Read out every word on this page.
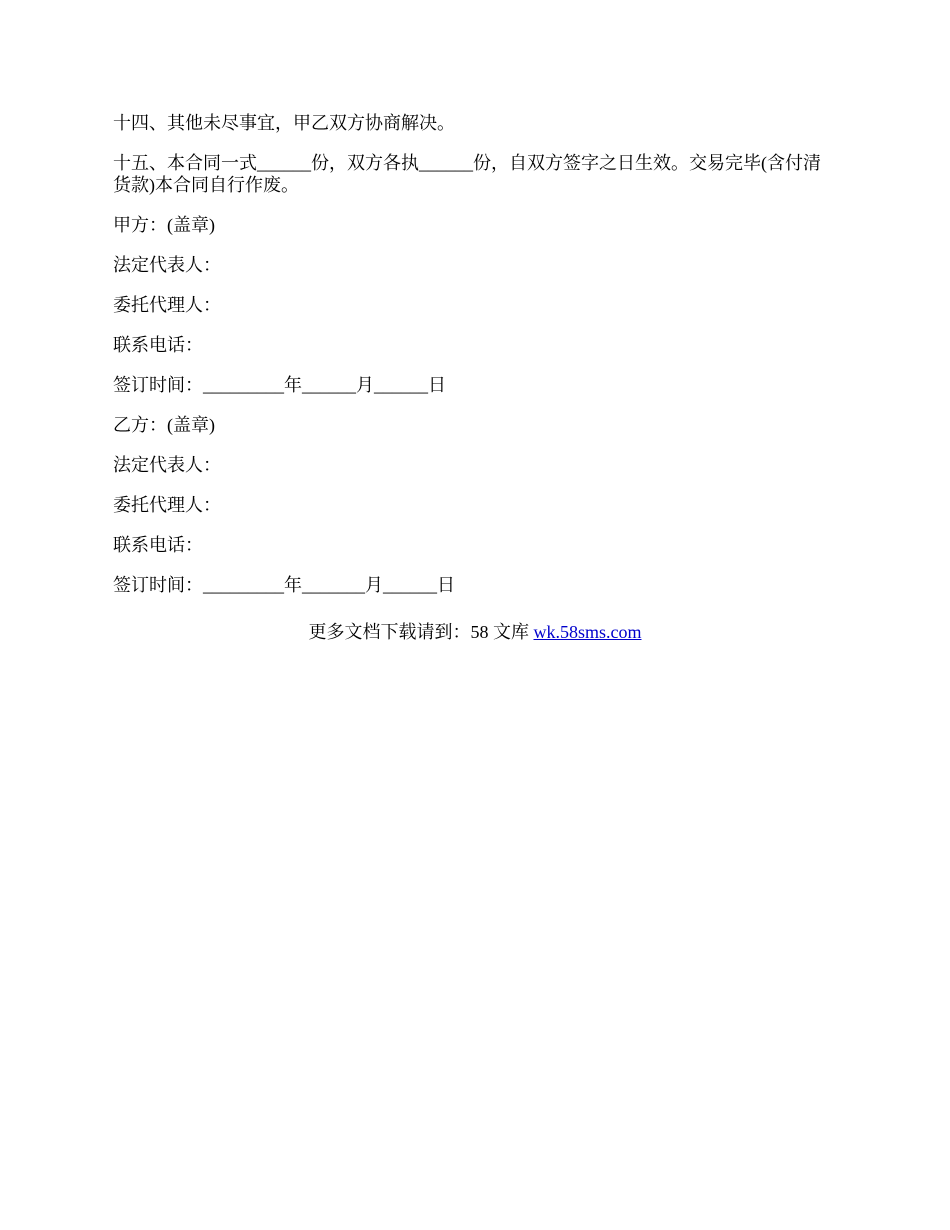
十四、其他未尽事宜，甲乙双方协商解决。

十五、本合同一式______份，双方各执______份，自双方签字之日生效。交易完毕(含付清货款)本合同自行作废。

甲方：(盖章)

法定代表人：

委托代理人：

联系电话：

签订时间：_________年______月______日

乙方：(盖章)

法定代表人：

委托代理人：

联系电话：

签订时间：_________年_______月______日

更多文档下载请到：58 文库 wk.58sms.com
